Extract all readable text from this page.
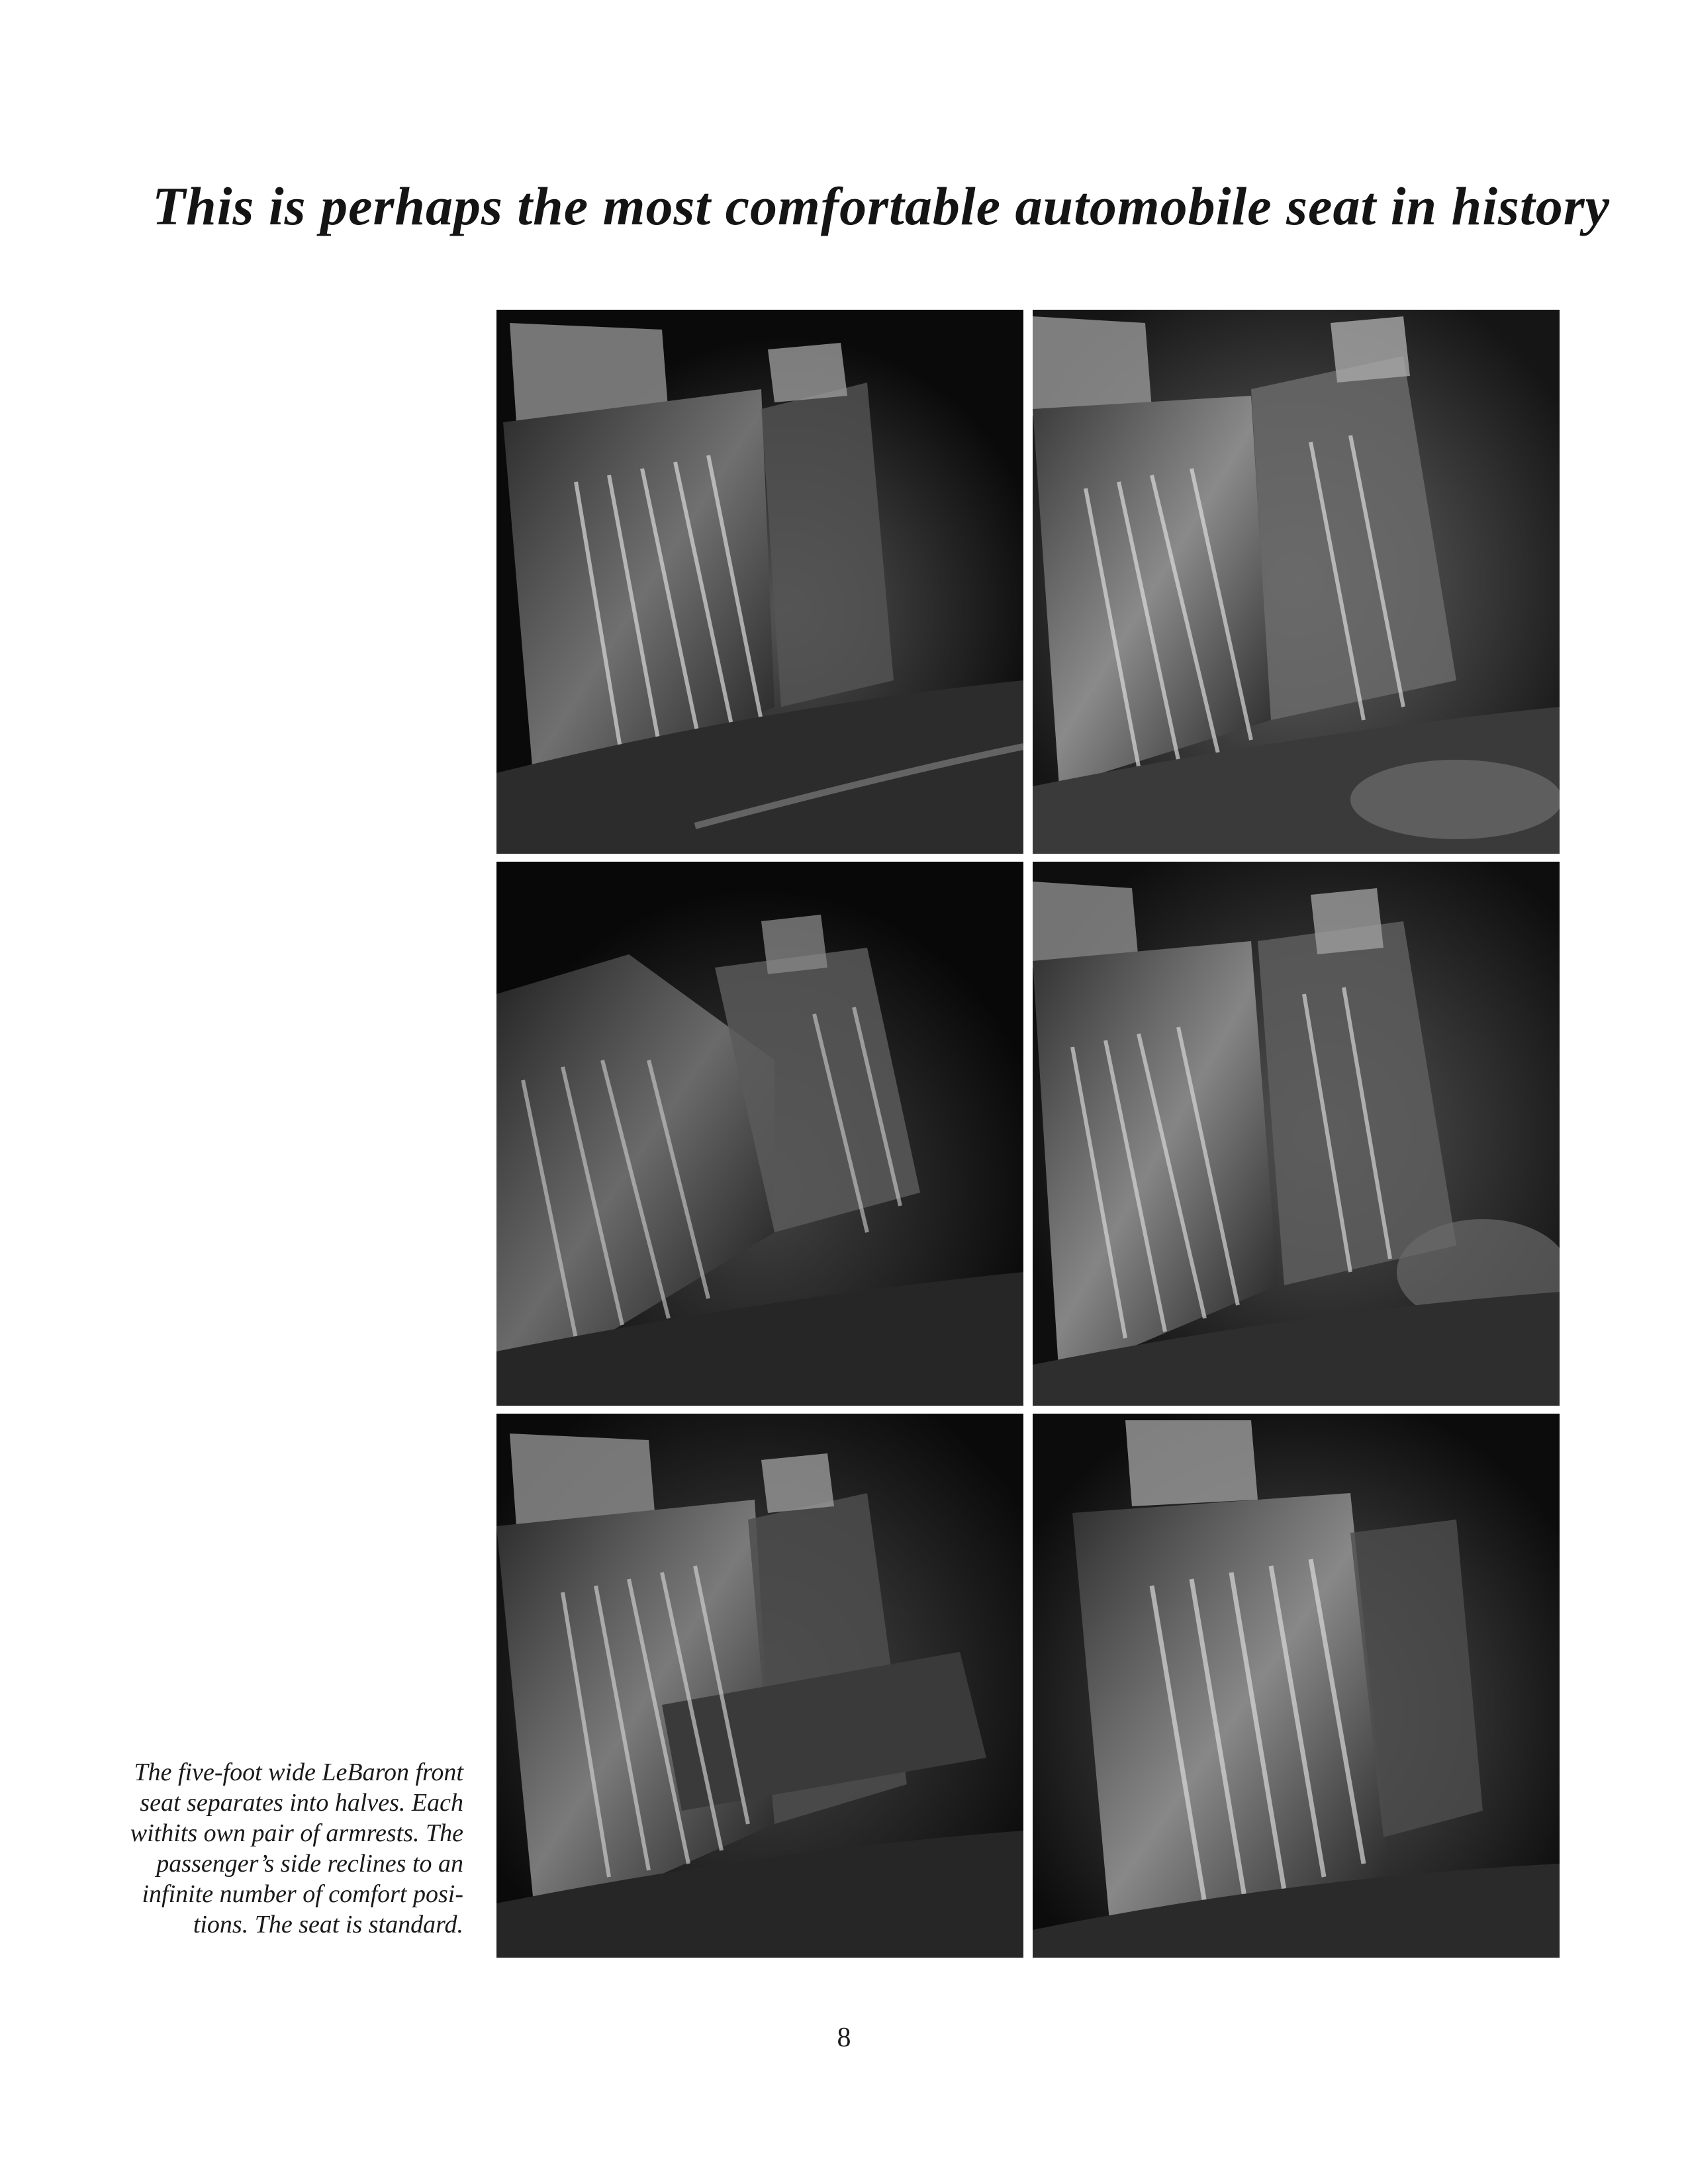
This is perhaps the most comfortable automobile seat in history
The five-foot wide LeBaron front
seat separates into halves. Each
withits own pair of armrests. The
passenger’s side reclines to an
infinite number of comfort posi-
tions. The seat is standard.
8
